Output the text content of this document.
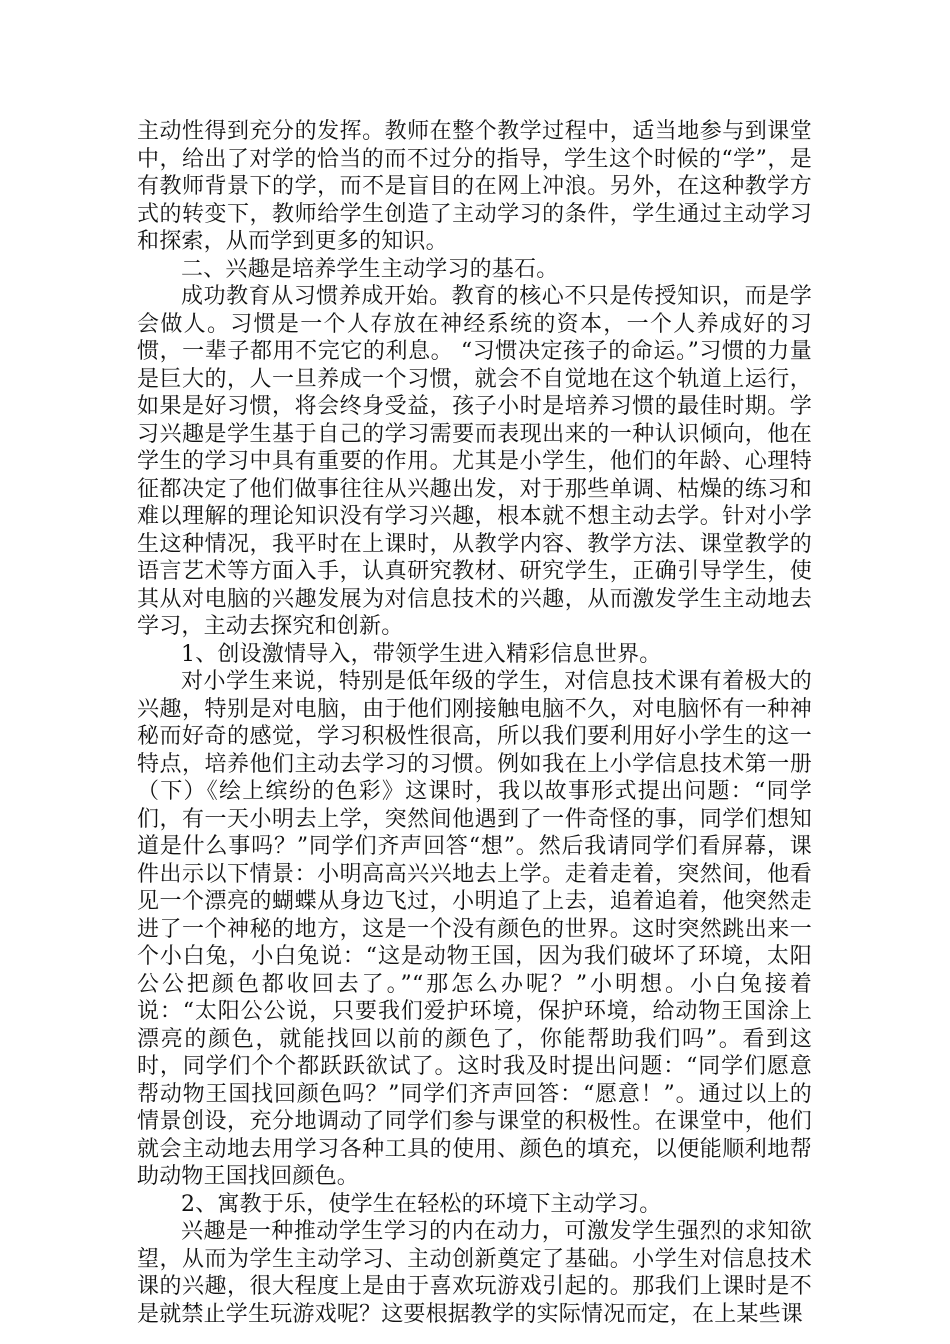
主动性得到充分的发挥。教师在整个教学过程中，适当地参与到课堂中，给出了对学的恰当的而不过分的指导，学生这个时候的“学”，是有教师背景下的学，而不是盲目的在网上冲浪。另外，在这种教学方式的转变下，教师给学生创造了主动学习的条件，学生通过主动学习和探索，从而学到更多的知识。

二、兴趣是培养学生主动学习的基石。

成功教育从习惯养成开始。教育的核心不只是传授知识，而是学会做人。习惯是一个人存放在神经系统的资本，一个人养成好的习惯，一辈子都用不完它的利息。 “习惯决定孩子的命运。”习惯的力量是巨大的，人一旦养成一个习惯，就会不自觉地在这个轨道上运行，如果是好习惯，将会终身受益，孩子小时是培养习惯的最佳时期。学习兴趣是学生基于自己的学习需要而表现出来的一种认识倾向，他在学生的学习中具有重要的作用。尤其是小学生，他们的年龄、心理特征都决定了他们做事往往从兴趣出发，对于那些单调、枯燥的练习和难以理解的理论知识没有学习兴趣，根本就不想主动去学。针对小学生这种情况，我平时在上课时，从教学内容、教学方法、课堂教学的语言艺术等方面入手，认真研究教材、研究学生，正确引导学生，使其从对电脑的兴趣发展为对信息技术的兴趣，从而激发学生主动地去学习，主动去探究和创新。

1、创设激情导入，带领学生进入精彩信息世界。

对小学生来说，特别是低年级的学生，对信息技术课有着极大的兴趣，特别是对电脑，由于他们刚接触电脑不久，对电脑怀有一种神秘而好奇的感觉，学习积极性很高，所以我们要利用好小学生的这一特点，培养他们主动去学习的习惯。例如我在上小学信息技术第一册（下）《绘上缤纷的色彩》这课时，我以故事形式提出问题：“同学们，有一天小明去上学，突然间他遇到了一件奇怪的事，同学们想知道是什么事吗？”同学们齐声回答“想”。然后我请同学们看屏幕，课件出示以下情景：小明高高兴兴地去上学。走着走着，突然间，他看见一个漂亮的蝴蝶从身边飞过，小明追了上去，追着追着，他突然走进了一个神秘的地方，这是一个没有颜色的世界。这时突然跳出来一个小白兔，小白兔说：“这是动物王国，因为我们破坏了环境，太阳公公把颜色都收回去了。”“那怎么办呢？”小明想。小白兔接着说：“太阳公公说，只要我们爱护环境，保护环境，给动物王国涂上漂亮的颜色，就能找回以前的颜色了，你能帮助我们吗”。看到这时，同学们个个都跃跃欲试了。这时我及时提出问题：“同学们愿意帮动物王国找回颜色吗？”同学们齐声回答：“愿意！”。通过以上的情景创设，充分地调动了同学们参与课堂的积极性。在课堂中，他们就会主动地去用学习各种工具的使用、颜色的填充，以便能顺利地帮助动物王国找回颜色。

2、寓教于乐，使学生在轻松的环境下主动学习。

兴趣是一种推动学生学习的内在动力，可激发学生强烈的求知欲望，从而为学生主动学习、主动创新奠定了基础。小学生对信息技术课的兴趣，很大程度上是由于喜欢玩游戏引起的。那我们上课时是不是就禁止学生玩游戏呢？这要根据教学的实际情况而定，在上某些课
